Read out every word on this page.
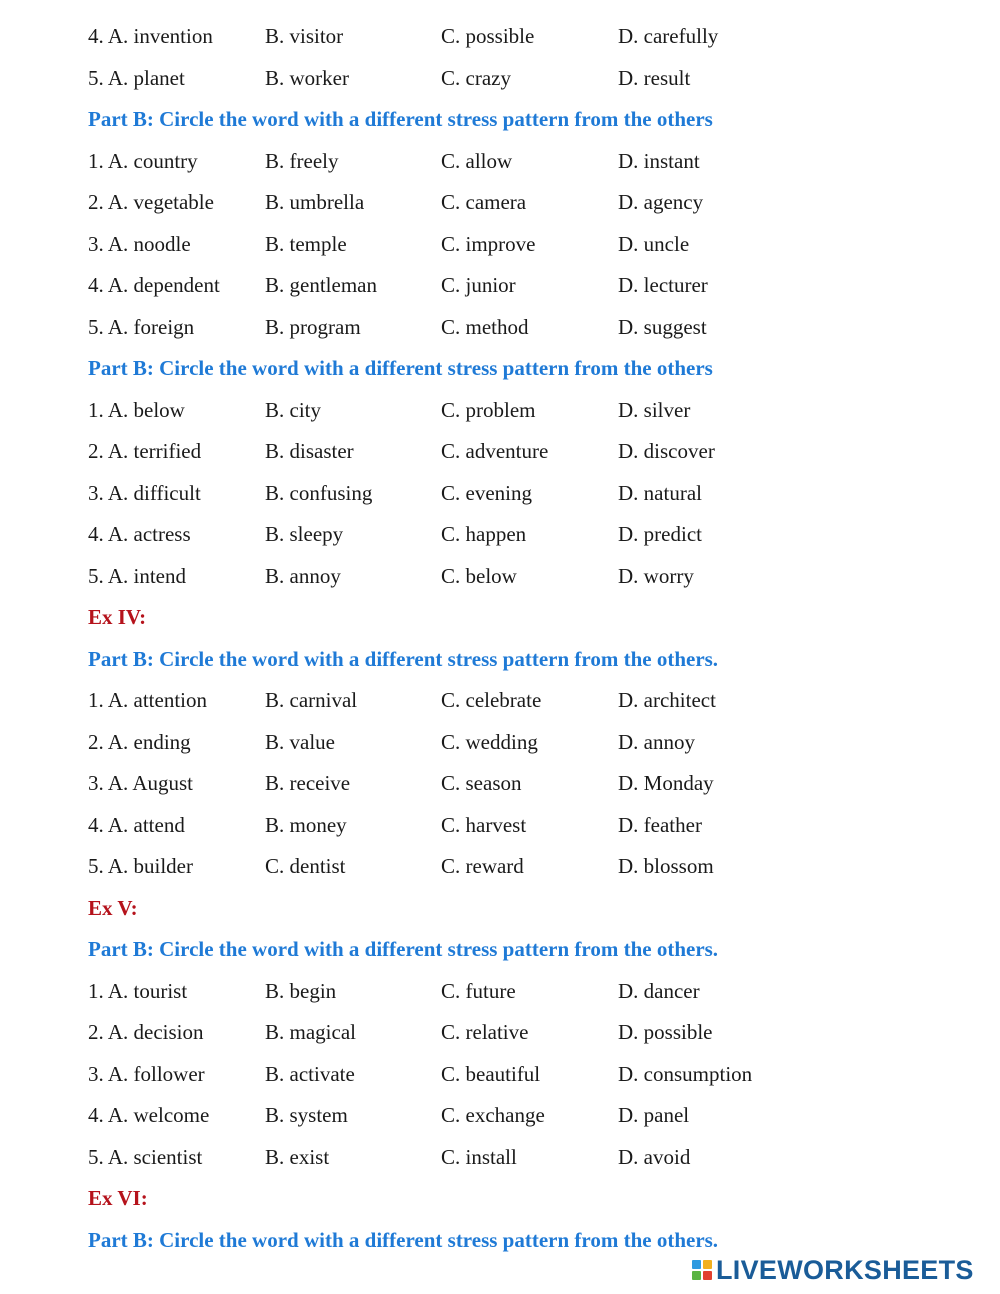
4. A. invention B. visitor	C. possible	D. carefully
5. A. planet	B. worker	C. crazy	D. result
Part B: Circle the word with a different stress pattern from the others
1. A. country	B. freely	C. allow	D. instant
2. A. vegetable B. umbrella	C. camera	D. agency
3. A. noodle	B. temple	C. improve	D. uncle
4. A. dependent B. gentleman	C. junior	D. lecturer
5. A. foreign	B. program	C. method	D. suggest
Part B: Circle the word with a different stress pattern from the others
1. A. below	B. city	C. problem	D. silver
2. A. terrified	B. disaster	C. adventure	D. discover
3. A. difficult	B. confusing	C. evening	D. natural
4. A. actress	B. sleepy	C. happen	D. predict
5. A. intend	B. annoy	C. below	D. worry
Ex IV:
Part B: Circle the word with a different stress pattern from the others.
1. A. attention	B. carnival	C. celebrate	D. architect
2. A. ending	B. value	C. wedding	D. annoy
3. A. August	B. receive	C. season	D. Monday
4. A. attend	B. money	C. harvest	D. feather
5. A. builder	C. dentist	C. reward	D. blossom
Ex V:
Part B: Circle the word with a different stress pattern from the others.
1. A. tourist	B. begin	C. future	D. dancer
2. A. decision	B. magical	C. relative	D. possible
3. A. follower	B. activate	C. beautiful	D. consumption
4. A. welcome	B. system	C. exchange	D. panel
5. A. scientist	B. exist	C. install	D. avoid
Ex VI:
Part B: Circle the word with a different stress pattern from the others.
LIVEWORKSHEETS
